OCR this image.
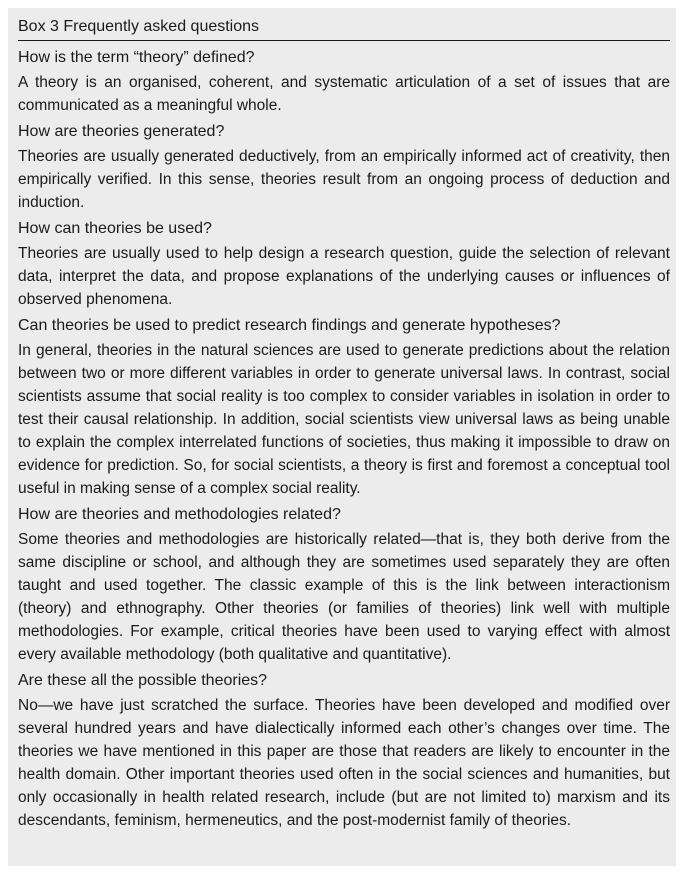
Box 3 Frequently asked questions
How is the term “theory” defined?

A theory is an organised, coherent, and systematic articulation of a set of issues that are communicated as a meaningful whole.

How are theories generated?

Theories are usually generated deductively, from an empirically informed act of creativity, then empirically verified. In this sense, theories result from an ongoing process of deduction and induction.

How can theories be used?

Theories are usually used to help design a research question, guide the selection of relevant data, interpret the data, and propose explanations of the underlying causes or influences of observed phenomena.

Can theories be used to predict research findings and generate hypotheses?

In general, theories in the natural sciences are used to generate predictions about the relation between two or more different variables in order to generate universal laws. In contrast, social scientists assume that social reality is too complex to consider variables in isolation in order to test their causal relationship. In addition, social scientists view universal laws as being unable to explain the complex interrelated functions of societies, thus making it impossible to draw on evidence for prediction. So, for social scientists, a theory is first and foremost a conceptual tool useful in making sense of a complex social reality.

How are theories and methodologies related?

Some theories and methodologies are historically related—that is, they both derive from the same discipline or school, and although they are sometimes used separately they are often taught and used together. The classic example of this is the link between interactionism (theory) and ethnography. Other theories (or families of theories) link well with multiple methodologies. For example, critical theories have been used to varying effect with almost every available methodology (both qualitative and quantitative).

Are these all the possible theories?

No—we have just scratched the surface. Theories have been developed and modified over several hundred years and have dialectically informed each other’s changes over time. The theories we have mentioned in this paper are those that readers are likely to encounter in the health domain. Other important theories used often in the social sciences and humanities, but only occasionally in health related research, include (but are not limited to) marxism and its descendants, feminism, hermeneutics, and the post-modernist family of theories.
